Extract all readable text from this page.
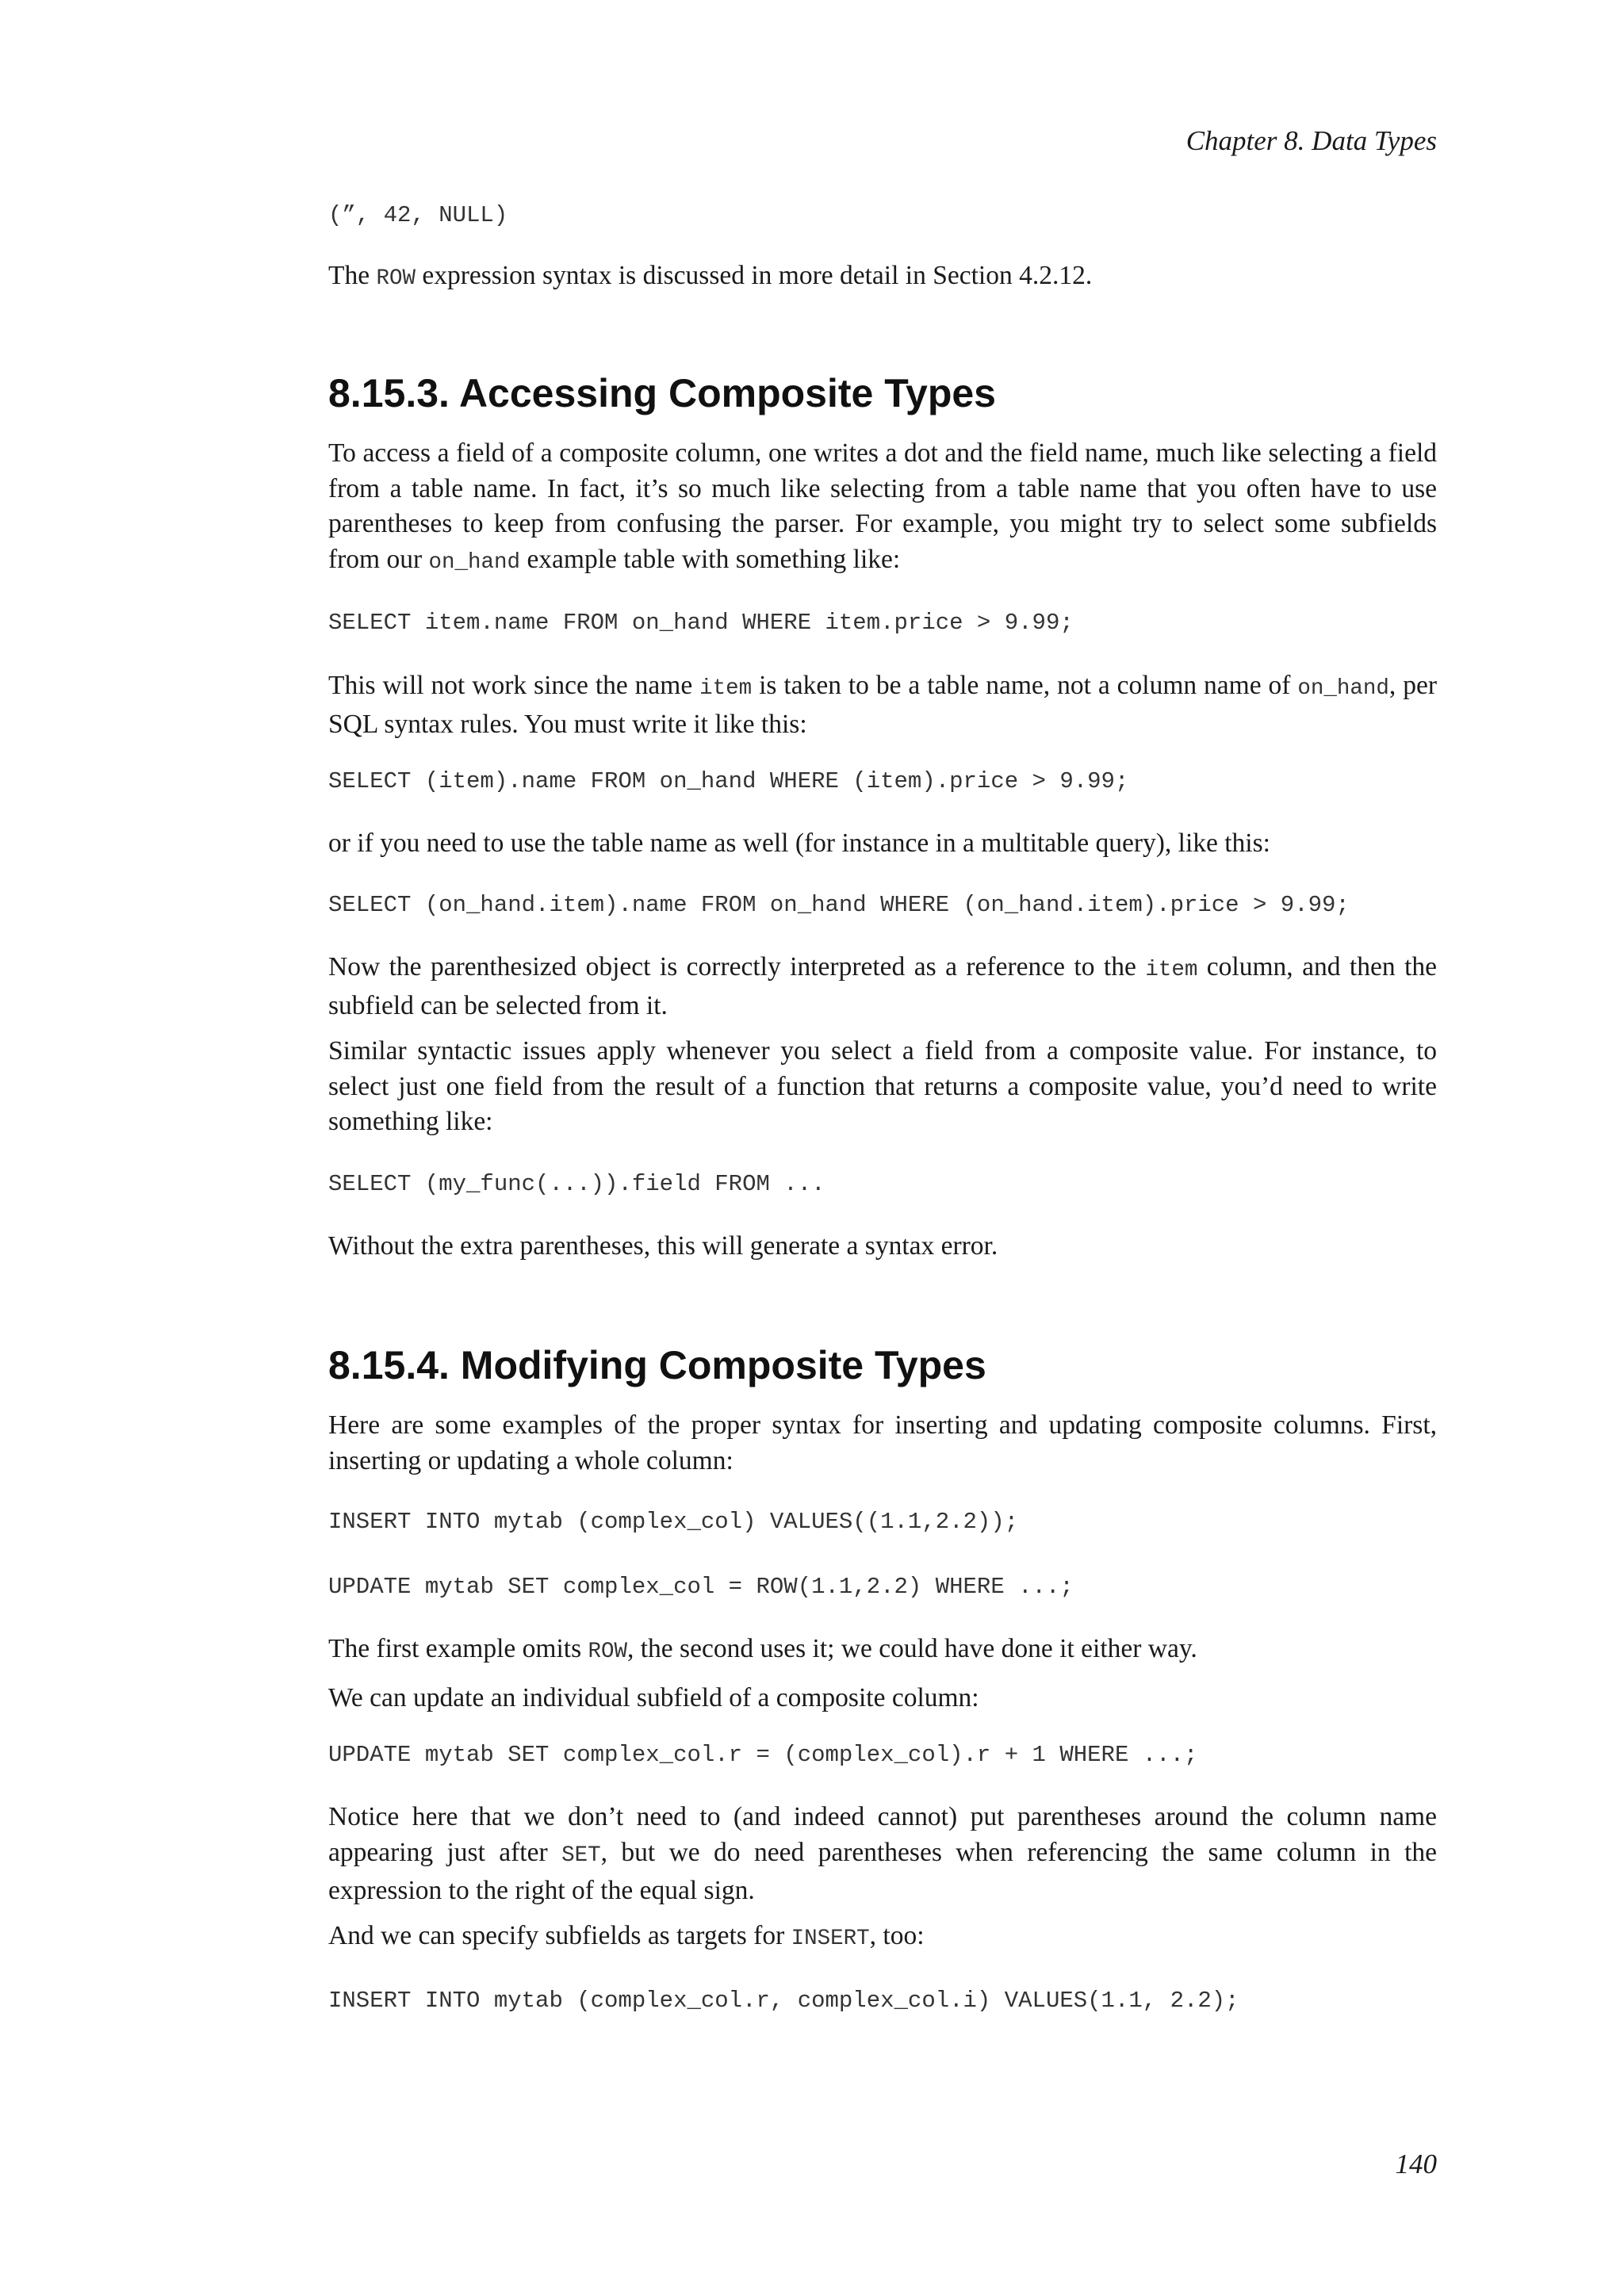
Chapter 8. Data Types
(”, 42, NULL)

The ROW expression syntax is discussed in more detail in Section 4.2.12.

8.15.3. Accessing Composite Types

To access a field of a composite column, one writes a dot and the field name, much like selecting a field from a table name. In fact, it’s so much like selecting from a table name that you often have to use parentheses to keep from confusing the parser. For example, you might try to select some subfields from our on_hand example table with something like:

SELECT item.name FROM on_hand WHERE item.price > 9.99;

This will not work since the name item is taken to be a table name, not a column name of on_hand, per SQL syntax rules. You must write it like this:

SELECT (item).name FROM on_hand WHERE (item).price > 9.99;

or if you need to use the table name as well (for instance in a multitable query), like this:

SELECT (on_hand.item).name FROM on_hand WHERE (on_hand.item).price > 9.99;

Now the parenthesized object is correctly interpreted as a reference to the item column, and then the subfield can be selected from it.

Similar syntactic issues apply whenever you select a field from a composite value. For instance, to select just one field from the result of a function that returns a composite value, you’d need to write something like:

SELECT (my_func(...)).field FROM ...

Without the extra parentheses, this will generate a syntax error.

8.15.4. Modifying Composite Types

Here are some examples of the proper syntax for inserting and updating composite columns. First, inserting or updating a whole column:

INSERT INTO mytab (complex_col) VALUES((1.1,2.2));
UPDATE mytab SET complex_col = ROW(1.1,2.2) WHERE ...;

The first example omits ROW, the second uses it; we could have done it either way.

We can update an individual subfield of a composite column:

UPDATE mytab SET complex_col.r = (complex_col).r + 1 WHERE ...;

Notice here that we don’t need to (and indeed cannot) put parentheses around the column name appearing just after SET, but we do need parentheses when referencing the same column in the expression to the right of the equal sign.

And we can specify subfields as targets for INSERT, too:

INSERT INTO mytab (complex_col.r, complex_col.i) VALUES(1.1, 2.2);
140
